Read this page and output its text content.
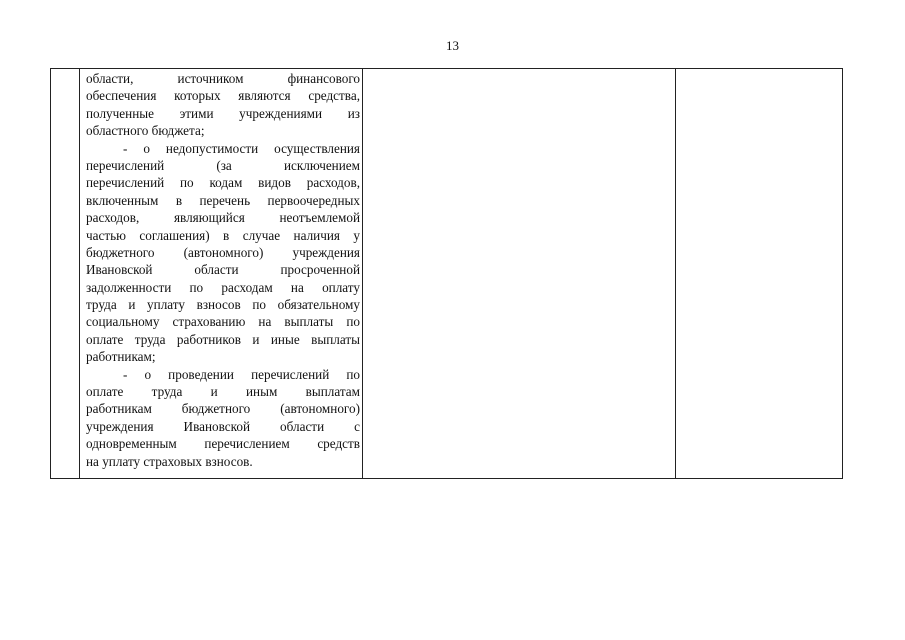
13
области, источником финансового
обеспечения которых являются средства,
полученные этими учреждениями из
областного бюджета;
- о недопустимости осуществления
перечислений (за исключением
перечислений по кодам видов расходов,
включенным в перечень первоочередных
расходов, являющийся неотъемлемой
частью соглашения) в случае наличия у
бюджетного (автономного) учреждения
Ивановской области просроченной
задолженности по расходам на оплату
труда и уплату взносов по обязательному
социальному страхованию на выплаты по
оплате труда работников и иные выплаты
работникам;
- о проведении перечислений по
оплате труда и иным выплатам
работникам бюджетного (автономного)
учреждения Ивановской области с
одновременным перечислением средств
на уплату страховых взносов.
